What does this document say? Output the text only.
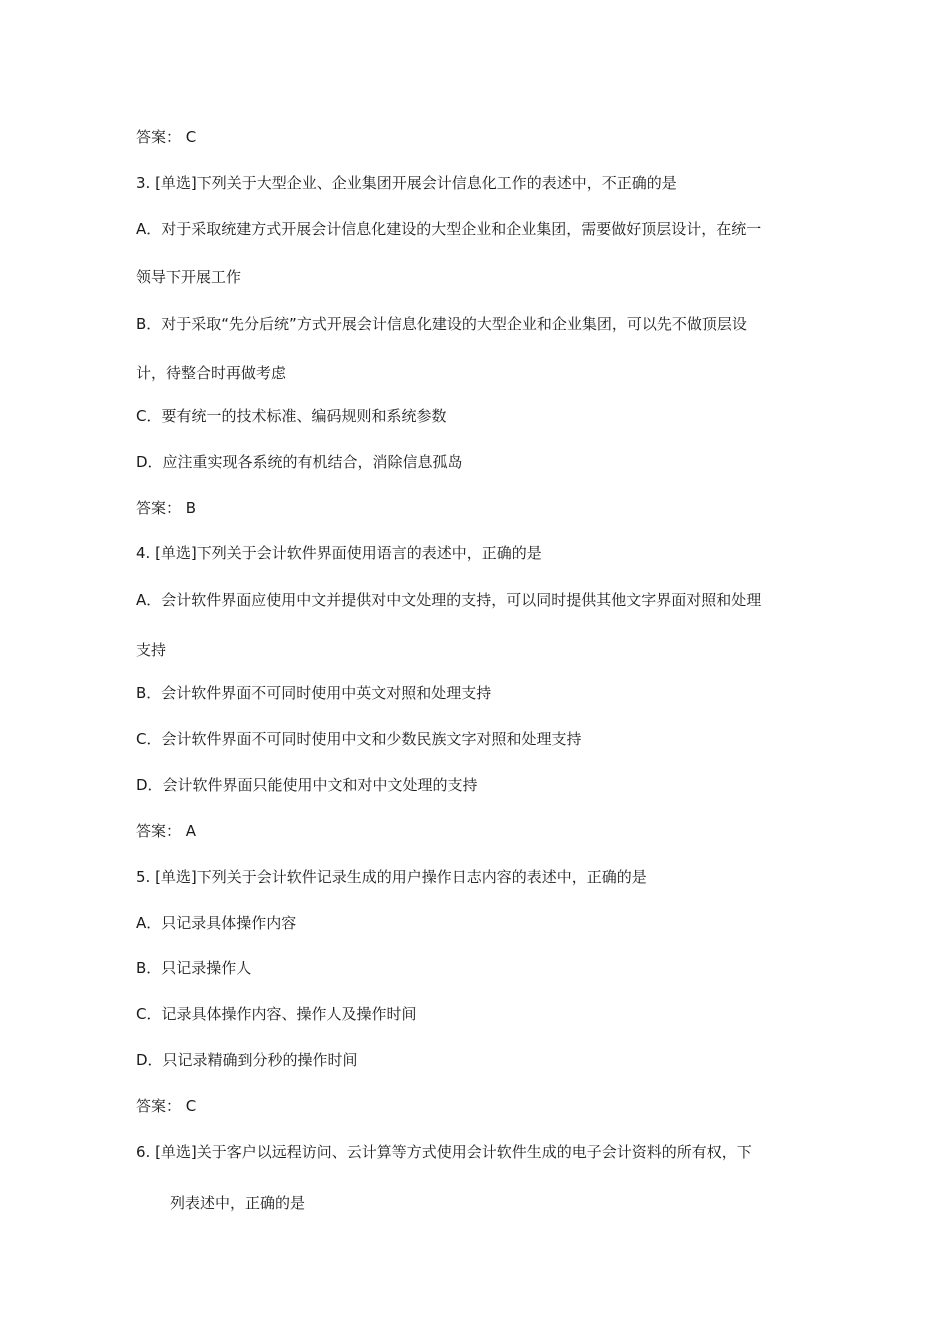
答案： C
3. [单选]下列关于大型企业、企业集团开展会计信息化工作的表述中，不正确的是
A．对于采取统建方式开展会计信息化建设的大型企业和企业集团，需要做好顶层设计，在统一
领导下开展工作
B．对于采取“先分后统”方式开展会计信息化建设的大型企业和企业集团，可以先不做顶层设
计，待整合时再做考虑
C．要有统一的技术标准、编码规则和系统参数
D．应注重实现各系统的有机结合，消除信息孤岛
答案： B
4. [单选]下列关于会计软件界面使用语言的表述中，正确的是
A．会计软件界面应使用中文并提供对中文处理的支持，可以同时提供其他文字界面对照和处理
支持
B．会计软件界面不可同时使用中英文对照和处理支持
C．会计软件界面不可同时使用中文和少数民族文字对照和处理支持
D．会计软件界面只能使用中文和对中文处理的支持
答案： A
5. [单选]下列关于会计软件记录生成的用户操作日志内容的表述中，正确的是
A．只记录具体操作内容
B．只记录操作人
C．记录具体操作内容、操作人及操作时间
D．只记录精确到分秒的操作时间
答案： C
6. [单选]关于客户以远程访问、云计算等方式使用会计软件生成的电子会计资料的所有权，下
列表述中，正确的是
